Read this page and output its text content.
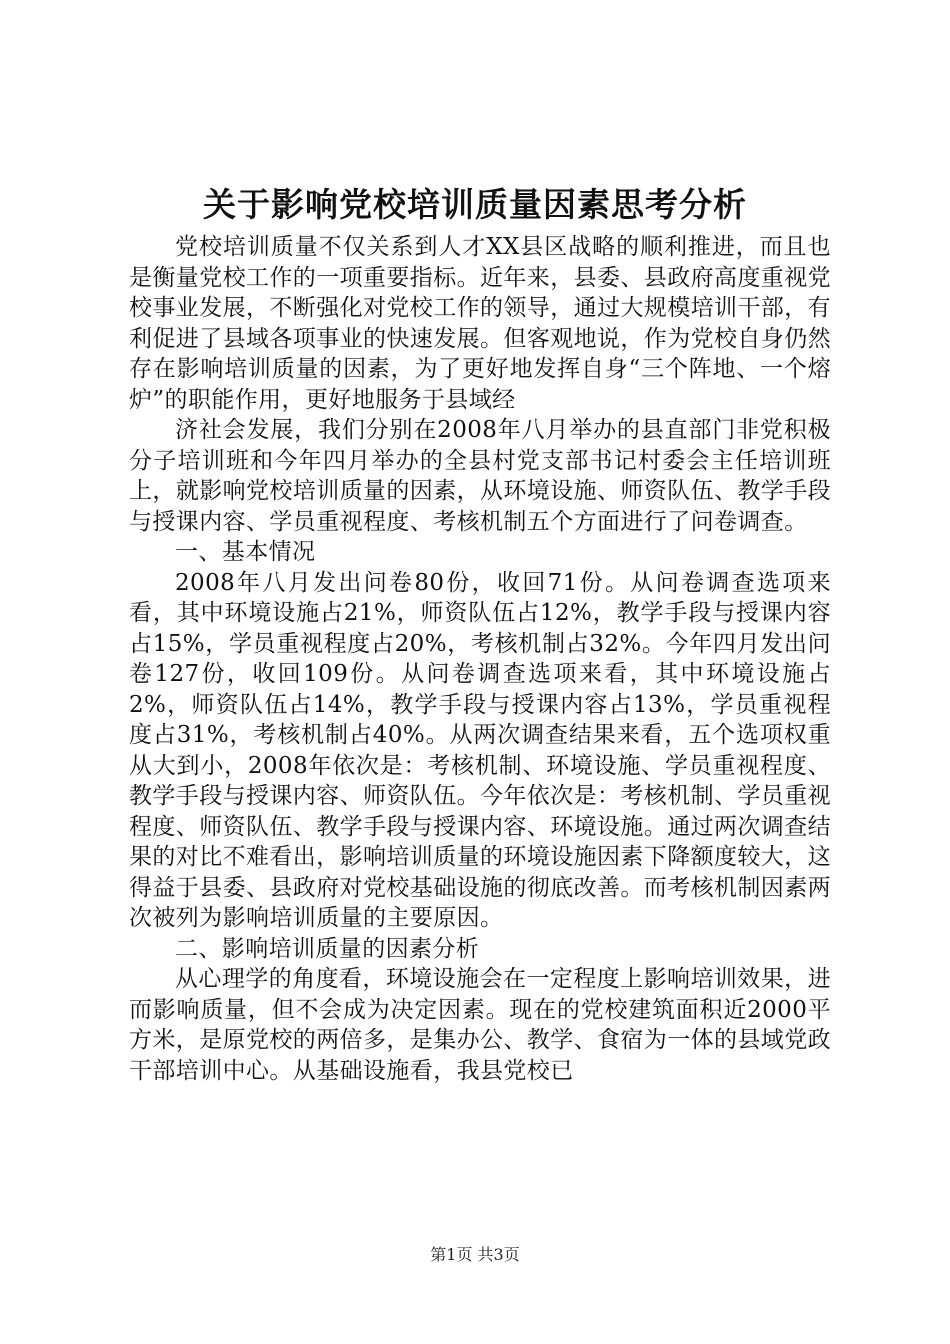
关于影响党校培训质量因素思考分析

党校培训质量不仅关系到人才XX县区战略的顺利推进，而且也是衡量党校工作的一项重要指标。近年来，县委、县政府高度重视党校事业发展，不断强化对党校工作的领导，通过大规模培训干部，有利促进了县域各项事业的快速发展。但客观地说，作为党校自身仍然存在影响培训质量的因素，为了更好地发挥自身“三个阵地、一个熔炉”的职能作用，更好地服务于县域经

济社会发展，我们分别在2008年八月举办的县直部门非党积极分子培训班和今年四月举办的全县村党支部书记村委会主任培训班上，就影响党校培训质量的因素，从环境设施、师资队伍、教学手段与授课内容、学员重视程度、考核机制五个方面进行了问卷调查。

一、基本情况

2008年八月发出问卷80份，收回71份。从问卷调查选项来看，其中环境设施占21%，师资队伍占12%，教学手段与授课内容占15%，学员重视程度占20%，考核机制占32%。今年四月发出问卷127份，收回109份。从问卷调查选项来看，其中环境设施占2%，师资队伍占14%，教学手段与授课内容占13%，学员重视程度占31%，考核机制占40%。从两次调查结果来看，五个选项权重从大到小，2008年依次是：考核机制、环境设施、学员重视程度、教学手段与授课内容、师资队伍。今年依次是：考核机制、学员重视程度、师资队伍、教学手段与授课内容、环境设施。通过两次调查结果的对比不难看出，影响培训质量的环境设施因素下降额度较大，这得益于县委、县政府对党校基础设施的彻底改善。而考核机制因素两次被列为影响培训质量的主要原因。

二、影响培训质量的因素分析

从心理学的角度看，环境设施会在一定程度上影响培训效果，进而影响质量，但不会成为决定因素。现在的党校建筑面积近2000平方米，是原党校的两倍多，是集办公、教学、食宿为一体的县域党政干部培训中心。从基础设施看，我县党校已

第1页 共3页
